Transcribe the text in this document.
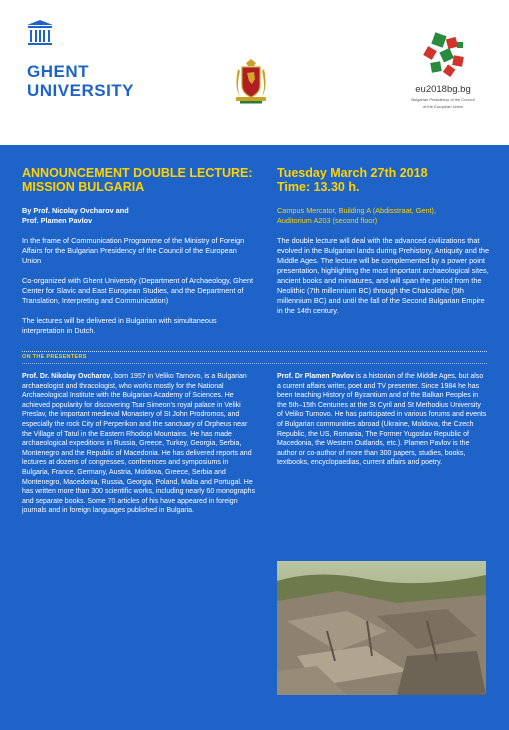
GHENT
UNIVERSITY	eu2018bg.bg
Bulgarian Presidency of the Council
of the European Union
ANNOUNCEMENT DOUBLE LECTURE:
MISSION BULGARIA
By Prof. Nicolay Ovcharov and
Prof. Plamen Pavlov

In the frame of Communication Programme of the Ministry of Foreign Affairs for the Bulgarian Presidency of the Council of the European Union

Co-organized with Ghent University (Department of Archaeology, Ghent Center for Slavic and East European Studies, and the Department of Translation, Interpreting and Communication)

The lectures will be delivered in Bulgarian with simultaneous interpretation in Dutch.

Tuesday March 27th 2018
Time: 13.30 h.
Campus Mercator, Building A (Abdisstraat, Gent),
Auditorium A203 (second floor)

The double lecture will deal with the advanced civilizations that evolved in the Bulgarian lands during Prehistory, Antiquity and the Middle Ages. The lecture will be complemented by a power point presentation, highlighting the most important archaeological sites, ancient books and miniatures, and will span the period from the Neolithic (7th millennium BC) through the Chalcolithic (5th millennium BC) and until the fall of the Second Bulgarian Empire in the 14th century.

ON THE PRESENTERS

Prof. Dr. Nikolay Ovcharov, born 1957 in Veliko Tarnovo, is a Bulgarian archaeologist and thracologist, who works mostly for the National Archaeological Institute with the Bulgarian Academy of Sciences. He achieved popularity for discovering Tsar Simeon's royal palace in Veliki Preslav, the important medieval Monastery of St John Prodromos, and especially the rock City of Perperikon and the sanctuary of Orpheus near the Village of Tatul in the Eastern Rhodopi Mountains. He has made archaeological expeditions in Russia, Greece, Turkey, Georgia, Serbia, Montenegro and the Republic of Macedonia. He has delivered reports and lectures at dozens of congresses, conferences and symposiums in Bulgaria, France, Germany, Austria, Moldova, Greece, Serbia and Montenegro, Macedonia, Russia, Georgia, Poland, Malta and Portugal. He has written more than 300 scientific works, including nearly 60 monographs and separate books. Some 70 articles of his have appeared in foreign journals and in foreign languages published in Bulgaria.

Prof. Dr Plamen Pavlov is a historian of the Middle Ages, but also a current affairs writer, poet and TV presenter. Since 1984 he has been teaching History of Byzantium and of the Balkan Peoples in the 5th–15th Centuries at the St Cyril and St Methodius University of Veliko Turnovo. He has participated in various forums and events of Bulgarian communities abroad (Ukraine, Moldova, the Czech Republic, the US, Romania, The Former Yugoslav Republic of Macedonia, the Western Outlands, etc.). Plamen Pavlov is the author or co-author of more than 300 papers, studies, books, textbooks, encyclopaedias, current affairs and poetry.
